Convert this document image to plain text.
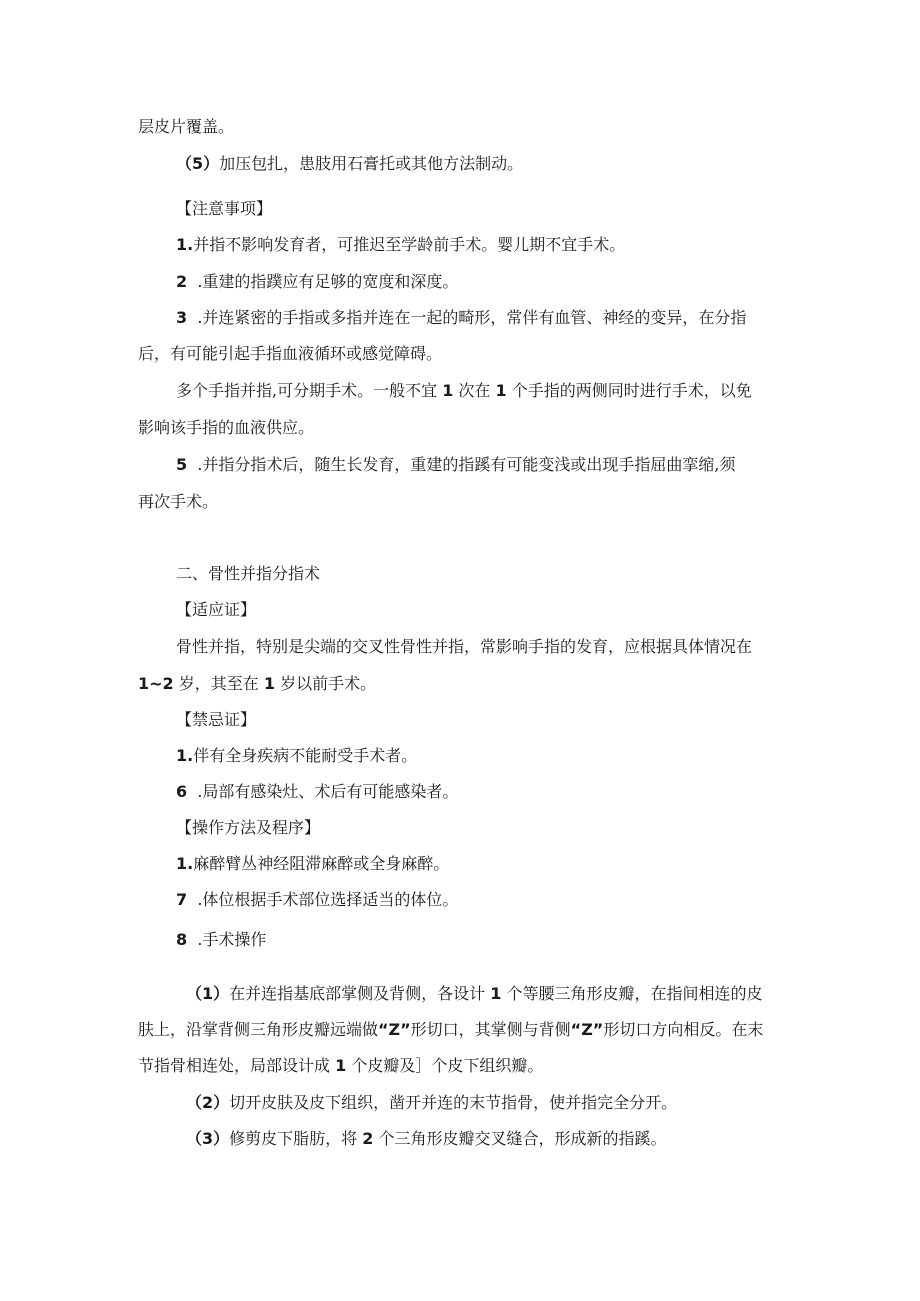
层皮片覆盖。
（5）加压包扎，患肢用石膏托或其他方法制动。
【注意事项】
1.并指不影响发育者，可推迟至学龄前手术。婴儿期不宜手术。
2 .重建的指蹼应有足够的宽度和深度。
3 .并连紧密的手指或多指并连在一起的畸形，常伴有血管、神经的变异，在分指
后，有可能引起手指血液循环或感觉障碍。
多个手指并指,可分期手术。一般不宜 1 次在 1 个手指的两侧同时进行手术，以免
影响该手指的血液供应。
5 .并指分指术后，随生长发育，重建的指蹊有可能变浅或出现手指屈曲挛缩,须
再次手术。
二、骨性并指分指术
【适应证】
骨性并指，特别是尖端的交叉性骨性并指，常影响手指的发育，应根据具体情况在
1~2 岁，其至在 1 岁以前手术。
【禁忌证】
1.伴有全身疾病不能耐受手术者。
6 .局部有感染灶、术后有可能感染者。
【操作方法及程序】
1.麻醉臂丛神经阻滞麻醉或全身麻醉。
7 .体位根据手术部位选择适当的体位。
8 .手术操作
（1）在并连指基底部掌侧及背侧，各设计 1 个等腰三角形皮瓣，在指间相连的皮
肤上，沿掌背侧三角形皮瓣远端做“Z”形切口，其掌侧与背侧“Z”形切口方向相反。在末
节指骨相连处，局部设计成 1 个皮瓣及］个皮下组织瓣。
（2）切开皮肤及皮下组织，凿开并连的末节指骨，使并指完全分开。
（3）修剪皮下脂肪，将 2 个三角形皮瓣交叉缝合，形成新的指蹊。
